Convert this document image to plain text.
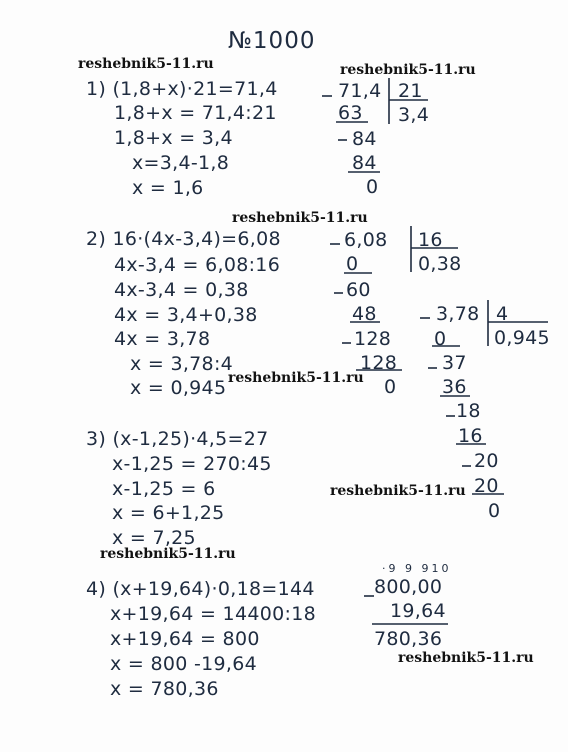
№1000
reshebnik5-11.ru	reshebnik5-11.ru
reshebnik5-11.ru
reshebnik5-11.ru
reshebnik5-11.ru
reshebnik5-11.ru
reshebnik5-11.ru
1) (1,8+x)·21=71,4
1,8+x = 71,4:21
1,8+x = 3,4
x=3,4-1,8
x = 1,6
71,4 21
3,4
63
84
84
0
2) 16·(4x-3,4)=6,08
4x-3,4 = 6,08:16
4x-3,4 = 0,38
4x = 3,4+0,38
4x = 3,78
x = 3,78:4
x = 0,945
6,08 16
0,38
0
60
48
128
128
0
3,78 4
0,945
0
37
36
18
16
20
20
0
3) (x-1,25)·4,5=27
x-1,25 = 270:45
x-1,25 = 6
x = 6+1,25
x = 7,25
4) (x+19,64)·0,18=144
x+19,64 = 14400:18
x+19,64 = 800
x = 800 -19,64
x = 780,36
·9 9 910
800,00
19,64
780,36
